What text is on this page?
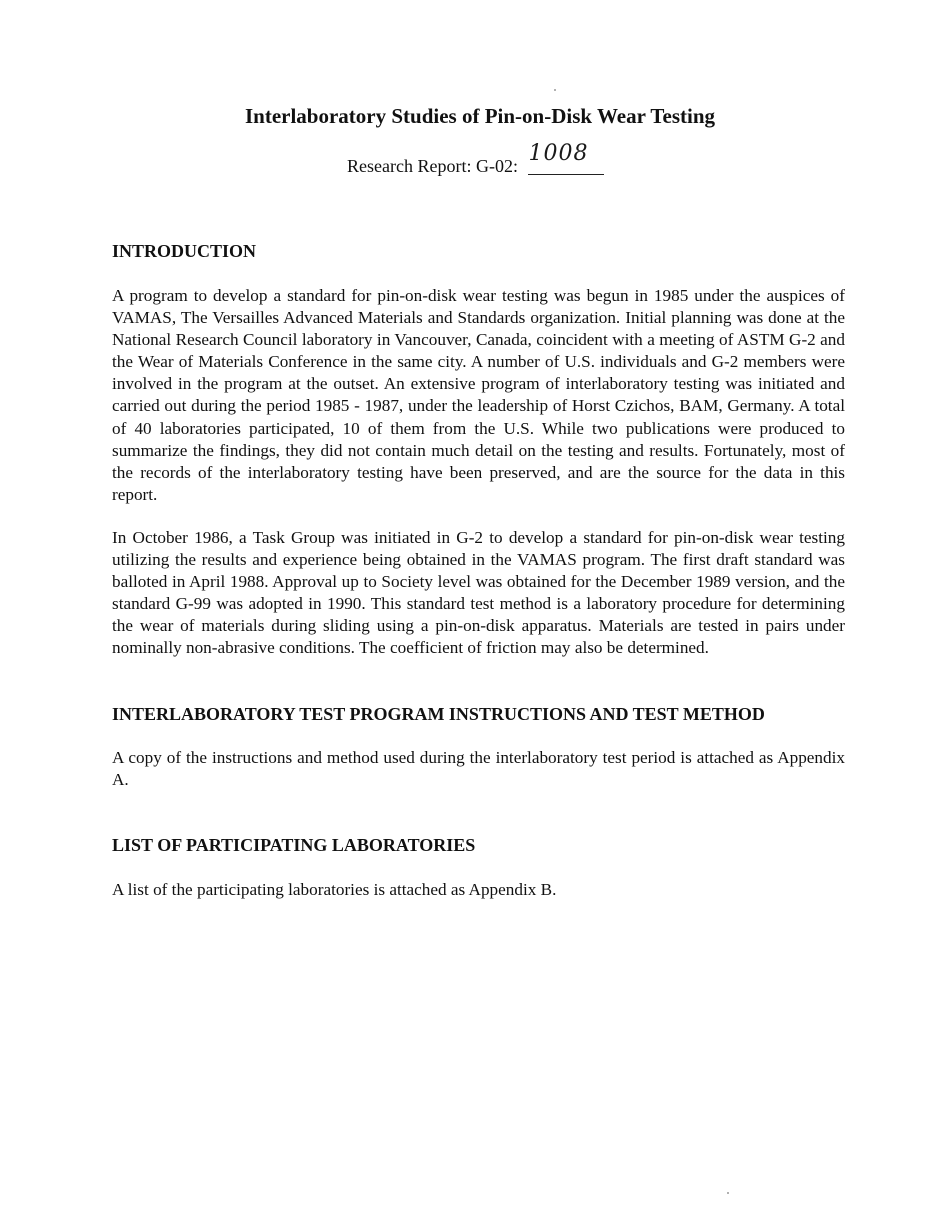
Interlaboratory Studies of Pin-on-Disk Wear Testing
Research Report: G-02: 1008
INTRODUCTION

A program to develop a standard for pin-on-disk wear testing was begun in 1985 under the auspices of VAMAS, The Versailles Advanced Materials and Standards organization. Initial planning was done at the National Research Council laboratory in Vancouver, Canada, coincident with a meeting of ASTM G-2 and the Wear of Materials Conference in the same city. A number of U.S. individuals and G-2 members were involved in the program at the outset. An extensive program of interlaboratory testing was initiated and carried out during the period 1985 - 1987, under the leadership of Horst Czichos, BAM, Germany. A total of 40 laboratories participated, 10 of them from the U.S. While two publications were produced to summarize the findings, they did not contain much detail on the testing and results. Fortunately, most of the records of the interlaboratory testing have been preserved, and are the source for the data in this report.

In October 1986, a Task Group was initiated in G-2 to develop a standard for pin-on-disk wear testing utilizing the results and experience being obtained in the VAMAS program. The first draft standard was balloted in April 1988. Approval up to Society level was obtained for the December 1989 version, and the standard G-99 was adopted in 1990. This standard test method is a laboratory procedure for determining the wear of materials during sliding using a pin-on-disk apparatus. Materials are tested in pairs under nominally non-abrasive conditions. The coefficient of friction may also be determined.

INTERLABORATORY TEST PROGRAM INSTRUCTIONS AND TEST METHOD

A copy of the instructions and method used during the interlaboratory test period is attached as Appendix A.

LIST OF PARTICIPATING LABORATORIES

A list of the participating laboratories is attached as Appendix B.
